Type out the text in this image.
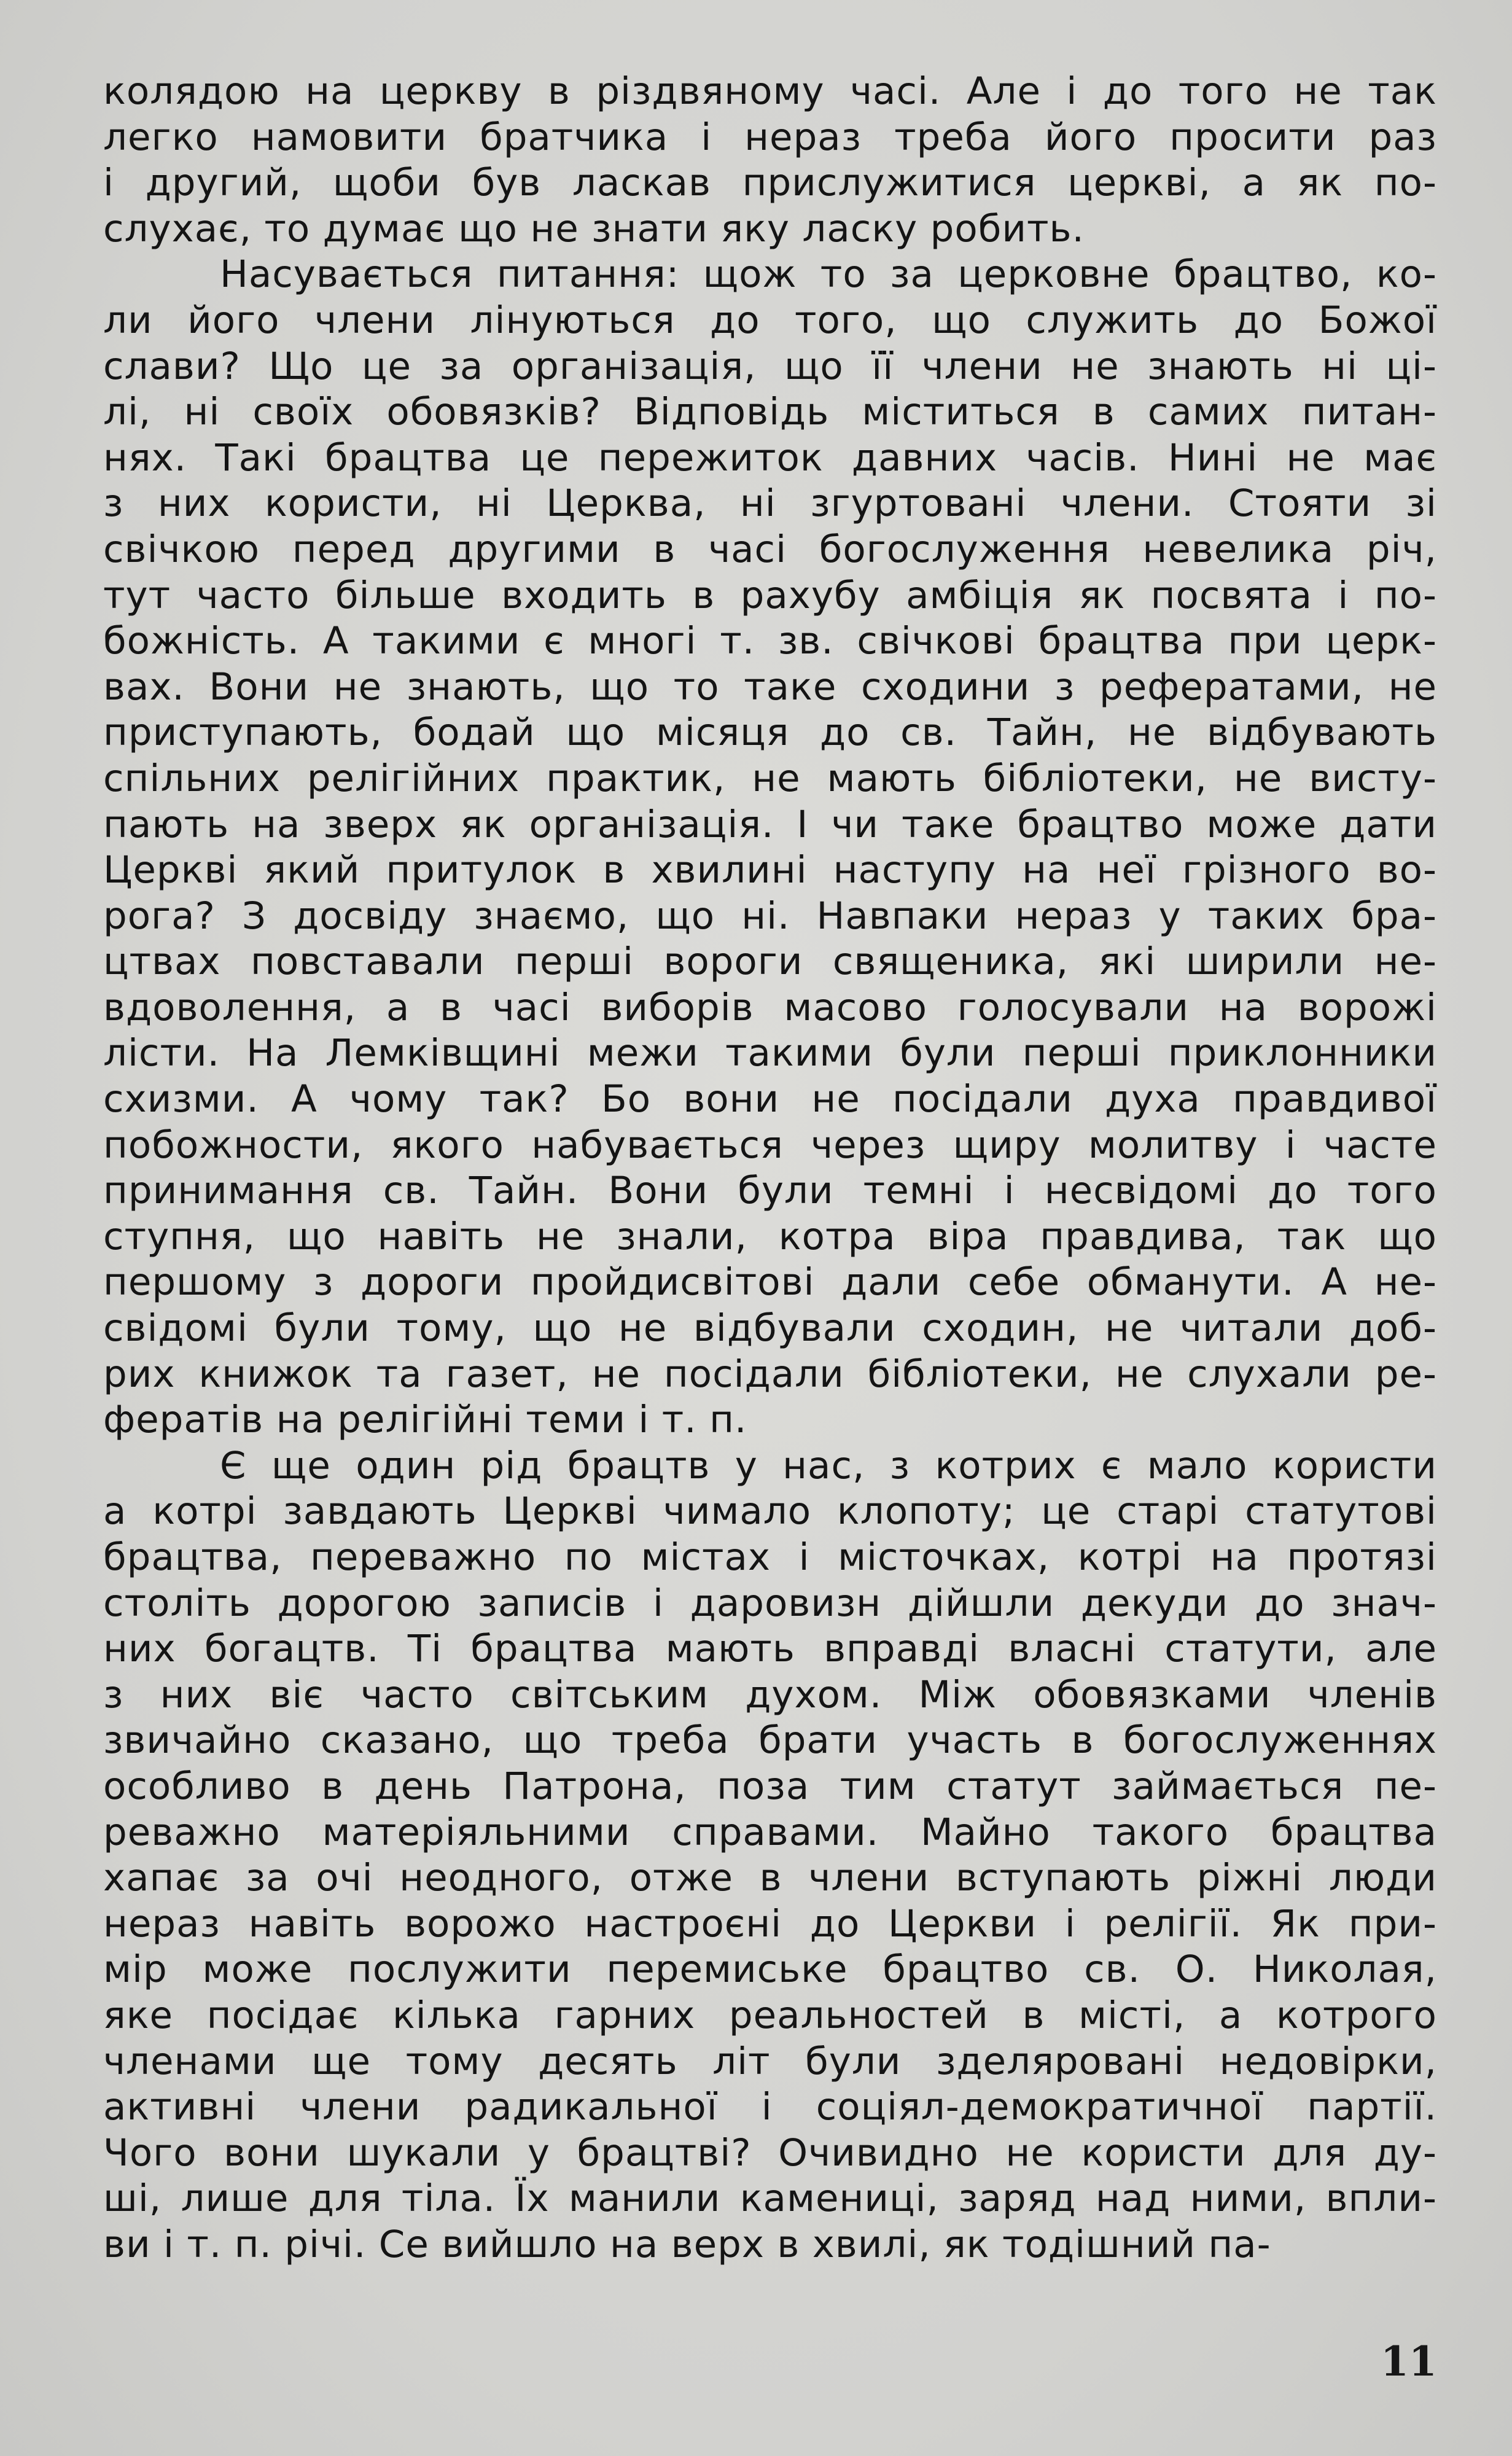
колядою на церкву в різдвяному часі. Але і до того не так
легко намовити братчика і нераз треба його просити раз
і другий, щоби був ласкав прислужитися церкві, а як по-
слухає, то думає що не знати яку ласку робить.
Насувається питання: щож то за церковне брацтво, ко-
ли його члени лінуються до того, що служить до Божої
слави? Що це за організація, що її члени не знають ні ці-
лі, ні своїх обовязків? Відповідь міститься в самих питан-
нях. Такі брацтва це пережиток давних часів. Нині не має
з них користи, ні Церква, ні згуртовані члени. Стояти зі
свічкою перед другими в часі богослуження невелика річ,
тут часто більше входить в рахубу амбіція як посвята і по-
божність. А такими є многі т. зв. свічкові брацтва при церк-
вах. Вони не знають, що то таке сходини з рефератами, не
приступають, бодай що місяця до св. Тайн, не відбувають
спільних релігійних практик, не мають бібліотеки, не висту-
пають на зверх як організація. І чи таке брацтво може дати
Церкві який притулок в хвилині наступу на неї грізного во-
рога? З досвіду знаємо, що ні. Навпаки нераз у таких бра-
цтвах повставали перші вороги священика, які ширили не-
вдоволення, а в часі виборів масово голосували на ворожі
лісти. На Лемківщині межи такими були перші приклонники
схизми. А чому так? Бо вони не посідали духа правдивої
побожности, якого набувається через щиру молитву і часте
принимання св. Тайн. Вони були темні і несвідомі до того
ступня, що навіть не знали, котра віра правдива, так що
першому з дороги пройдисвітові дали себе обманути. А не-
свідомі були тому, що не відбували сходин, не читали доб-
рих книжок та газет, не посідали бібліотеки, не слухали ре-
фератів на релігійні теми і т. п.
Є ще один рід брацтв у нас, з котрих є мало користи
а котрі завдають Церкві чимало клопоту; це старі статутові
брацтва, переважно по містах і місточках, котрі на протязі
століть дорогою записів і даровизн дійшли декуди до знач-
них богацтв. Ті брацтва мають вправді власні статути, але
з них віє часто світським духом. Між обовязками членів
звичайно сказано, що треба брати участь в богослуженнях
особливо в день Патрона, поза тим статут займається пе-
реважно матеріяльними справами. Майно такого брацтва
хапає за очі неодного, отже в члени вступають ріжні люди
нераз навіть ворожо настроєні до Церкви і релігії. Як при-
мір може послужити перемиське брацтво св. О. Николая,
яке посідає кілька гарних реальностей в місті, а котрого
членами ще тому десять літ були зделяровані недовірки,
активні члени радикальної і соціял-демократичної партії.
Чого вони шукали у брацтві? Очивидно не користи для ду-
ші, лише для тіла. Їх манили камениці, заряд над ними, впли-
ви і т. п. річі. Се вийшло на верх в хвилі, як тодішний па-
11
